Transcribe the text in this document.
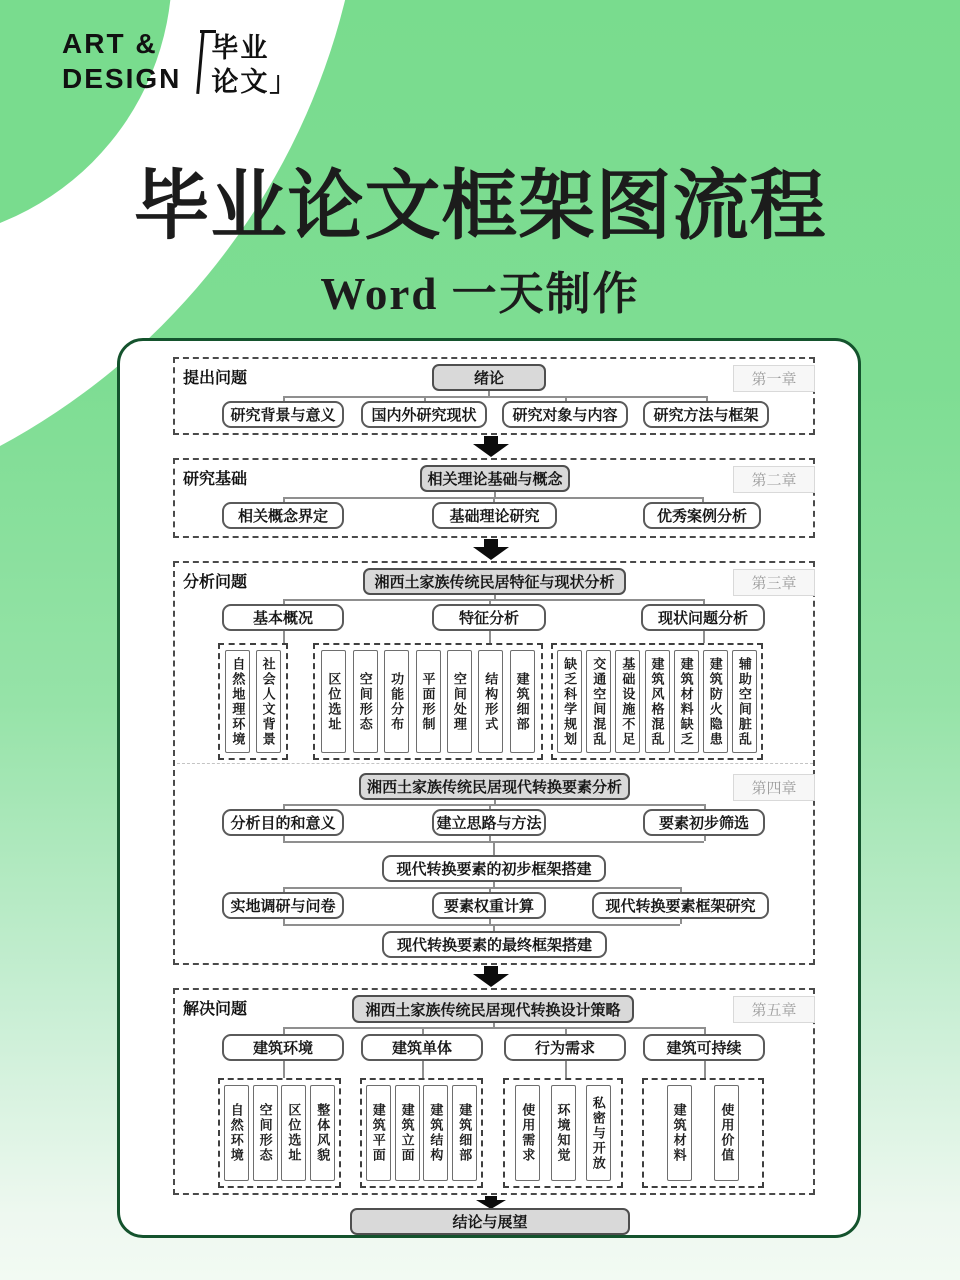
ART &
DESIGN
毕业
论文」
毕业论文框架图流程
Word 一天制作
提出问题	第一章
绪论
研究背景与意义	国内外研究现状	研究对象与内容	研究方法与框架
研究基础	第二章
相关理论基础与概念
相关概念界定	基础理论研究	优秀案例分析
分析问题	第三章
湘西土家族传统民居特征与现状分析
基本概况	特征分析	现状问题分析
自然地理环境	社会人文背景	区位选址	空间形态	功能分布	平面形制	空间处理	结构形式	建筑细部	缺乏科学规划	交通空间混乱	基础设施不足	建筑风格混乱	建筑材料缺乏	建筑防火隐患	辅助空间脏乱
第四章
湘西土家族传统民居现代转换要素分析
分析目的和意义	建立思路与方法	要素初步筛选
现代转换要素的初步框架搭建
实地调研与问卷	要素权重计算	现代转换要素框架研究
现代转换要素的最终框架搭建
解决问题	第五章
湘西土家族传统民居现代转换设计策略
建筑环境	建筑单体	行为需求	建筑可持续
自然环境	空间形态	区位选址	整体风貌	建筑平面	建筑立面	建筑结构	建筑细部	使用需求	环境知觉	私密与开放	建筑材料	使用价值
结论与展望
